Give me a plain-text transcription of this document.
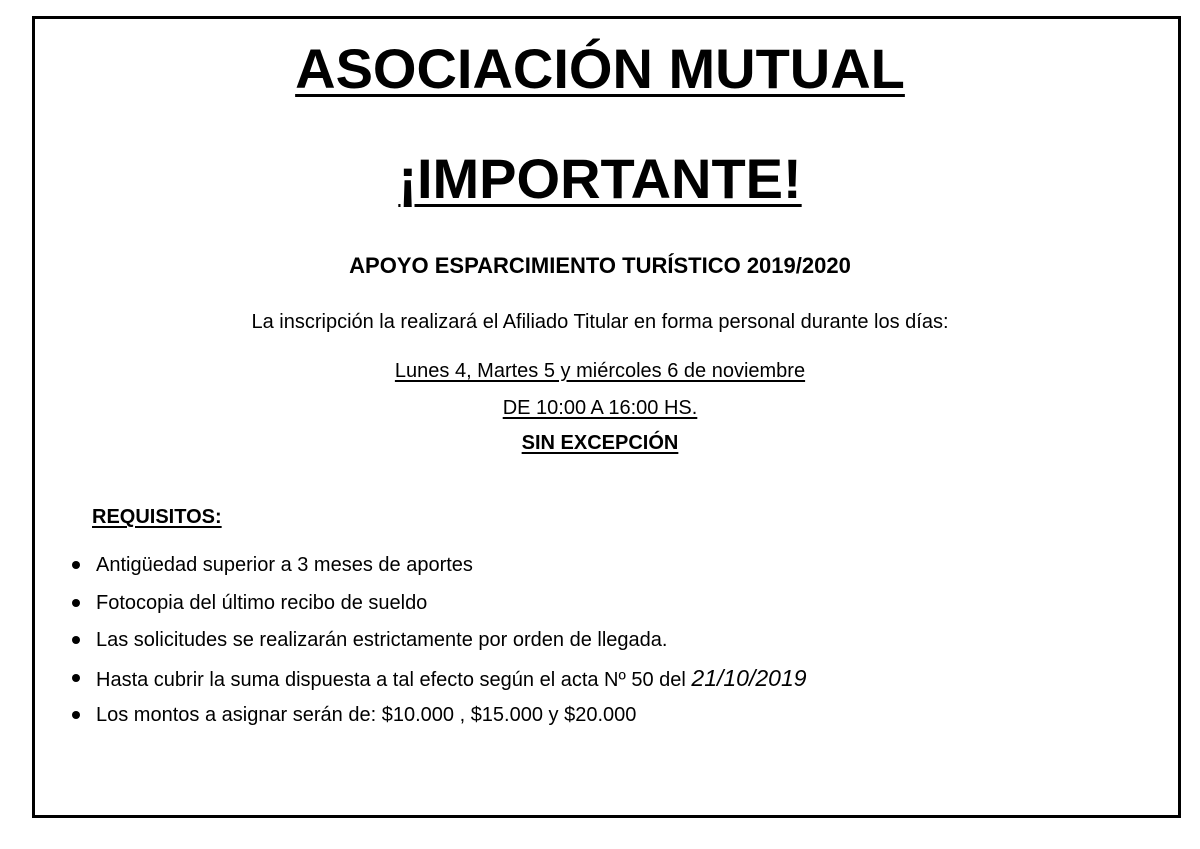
ASOCIACIÓN MUTUAL
¡IMPORTANTE!
APOYO ESPARCIMIENTO TURÍSTICO 2019/2020
La inscripción la realizará el Afiliado Titular en forma personal durante los días:
Lunes 4, Martes 5 y miércoles 6 de noviembre
DE 10:00 A 16:00 HS.
SIN EXCEPCIÓN
REQUISITOS:
Antigüedad superior a 3 meses de aportes
Fotocopia del último recibo de sueldo
Las solicitudes se realizarán estrictamente por orden de llegada.
Hasta cubrir la suma dispuesta a tal efecto según el acta Nº 50 del 21/10/2019
Los montos a asignar serán de: $10.000 , $15.000 y $20.000
